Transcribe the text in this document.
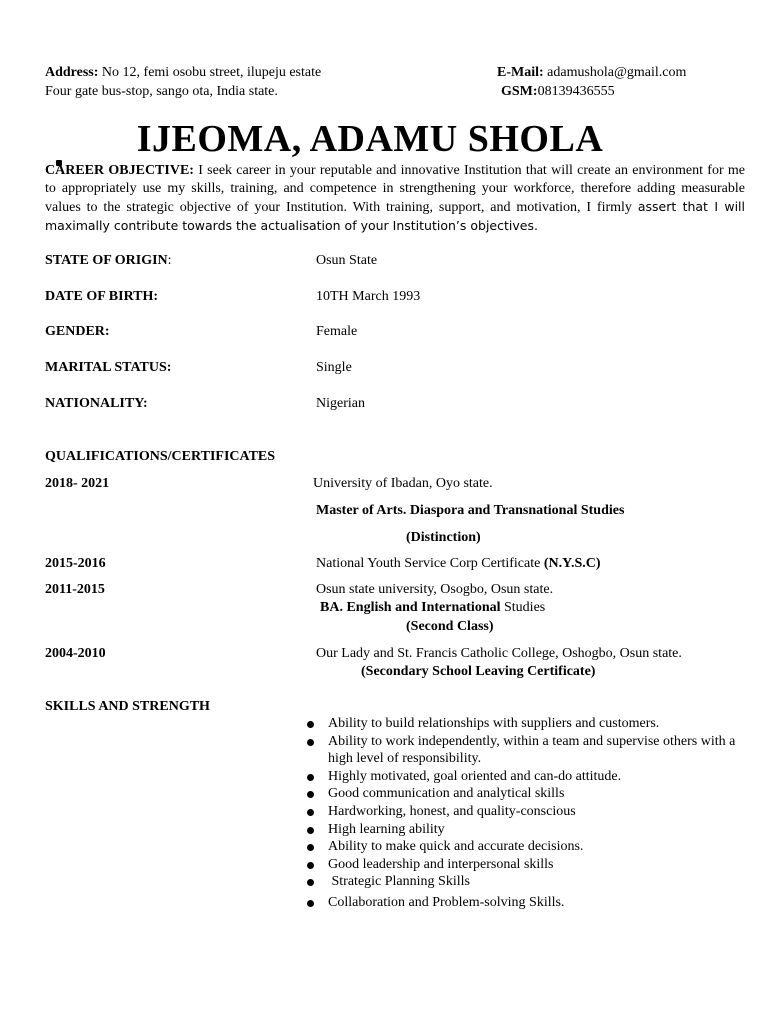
Address: No 12, femi osobu street, ilupeju estate
Four gate bus-stop, sango ota, India state.
E-Mail: adamushola@gmail.com
GSM:08139436555
IJEOMA, ADAMU SHOLA
CAREER OBJECTIVE: I seek career in your reputable and innovative Institution that will create an environment for me to appropriately use my skills, training, and competence in strengthening your workforce, therefore adding measurable values to the strategic objective of your Institution. With training, support, and motivation, I firmly assert that I will maximally contribute towards the actualisation of your Institution’s objectives.
STATE OF ORIGIN:	Osun State
DATE OF BIRTH:	10TH March 1993
GENDER:	Female
MARITAL STATUS:	Single
NATIONALITY:	Nigerian
QUALIFICATIONS/CERTIFICATES
2018- 2021	University of Ibadan, Oyo state.
Master of Arts. Diaspora and Transnational Studies
(Distinction)
2015-2016	National Youth Service Corp Certificate (N.Y.S.C)
2011-2015	Osun state university, Osogbo, Osun state.
BA. English and International Studies
(Second Class)
2004-2010	Our Lady and St. Francis Catholic College, Oshogbo, Osun state.
(Secondary School Leaving Certificate)
SKILLS AND STRENGTH
Ability to build relationships with suppliers and customers.
Ability to work independently, within a team and supervise others with a high level of responsibility.
Highly motivated, goal oriented and can-do attitude.
Good communication and analytical skills
Hardworking, honest, and quality-conscious
High learning ability
Ability to make quick and accurate decisions.
Good leadership and interpersonal skills
Strategic Planning Skills
Collaboration and Problem-solving Skills.
